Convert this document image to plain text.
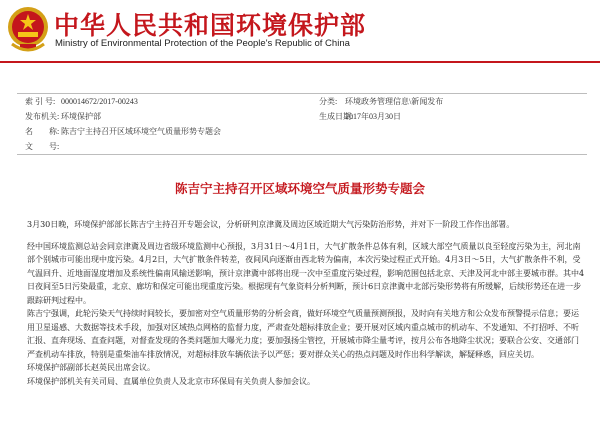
中华人民共和国环境保护部
Ministry of Environmental Protection of the People's Republic of China
索 引 号: 000014672/2017-00243	分类: 环境政务管理信息\新闻发布
发布机关: 环境保护部	生成日期:
2017年03月30日
名　　称: 陈吉宁主持召开区域环境空气质量形势专题会
文　　号:
陈吉宁主持召开区域环境空气质量形势专题会

3月30日晚，环境保护部部长陈吉宁主持召开专题会议，分析研判京津冀及周边区域近期大气污染防治形势，并对下一阶段工作作出部署。

经中国环境监测总站会同京津冀及周边省级环境监测中心预报，3月31日～4月1日，大气扩散条件总体有利，区域大部空气质量以良至轻度污染为主，河北南部个别城市可能出现中度污染。4月2日，大气扩散条件转差，夜间风向逐渐由西北转为偏南，本次污染过程正式开始。4月3日～5日，大气扩散条件不利，受气温回升、近地面湿度增加及系统性偏南风输送影响，预计京津冀中部将出现一次中至重度污染过程，影响范围包括北京、天津及河北中部主要城市群。其中4日夜间至5日污染最重，北京、廊坊和保定可能出现重度污染。根据现有气象资料分析判断，预计6日京津冀中北部污染形势将有所缓解，后续形势还在进一步跟踪研判过程中。

陈吉宁强调，此轮污染天气持续时间较长，要加密对空气质量形势的分析会商，做好环境空气质量预测预报，及时向有关地方和公众发布预警提示信息；要运用卫星遥感、大数据等技术手段，加强对区域热点网格的监督力度，严肃查处超标排放企业；要开展对区域内重点城市的机动车、不发通知、不打招呼、不听汇报、直奔现场、直查问题，对督查发现的各类问题加大曝光力度；要加强扬尘管控，开展城市降尘量考评，按月公布各地降尘状况；要联合公安、交通部门严查机动车排放，特别是重柴油车排放情况，对超标排放车辆依法予以严惩；要对群众关心的热点问题及时作出科学解读，解疑释惑，回应关切。

环境保护部副部长赵英民出席会议。

环境保护部机关有关司局、直属单位负责人及北京市环保局有关负责人参加会议。
